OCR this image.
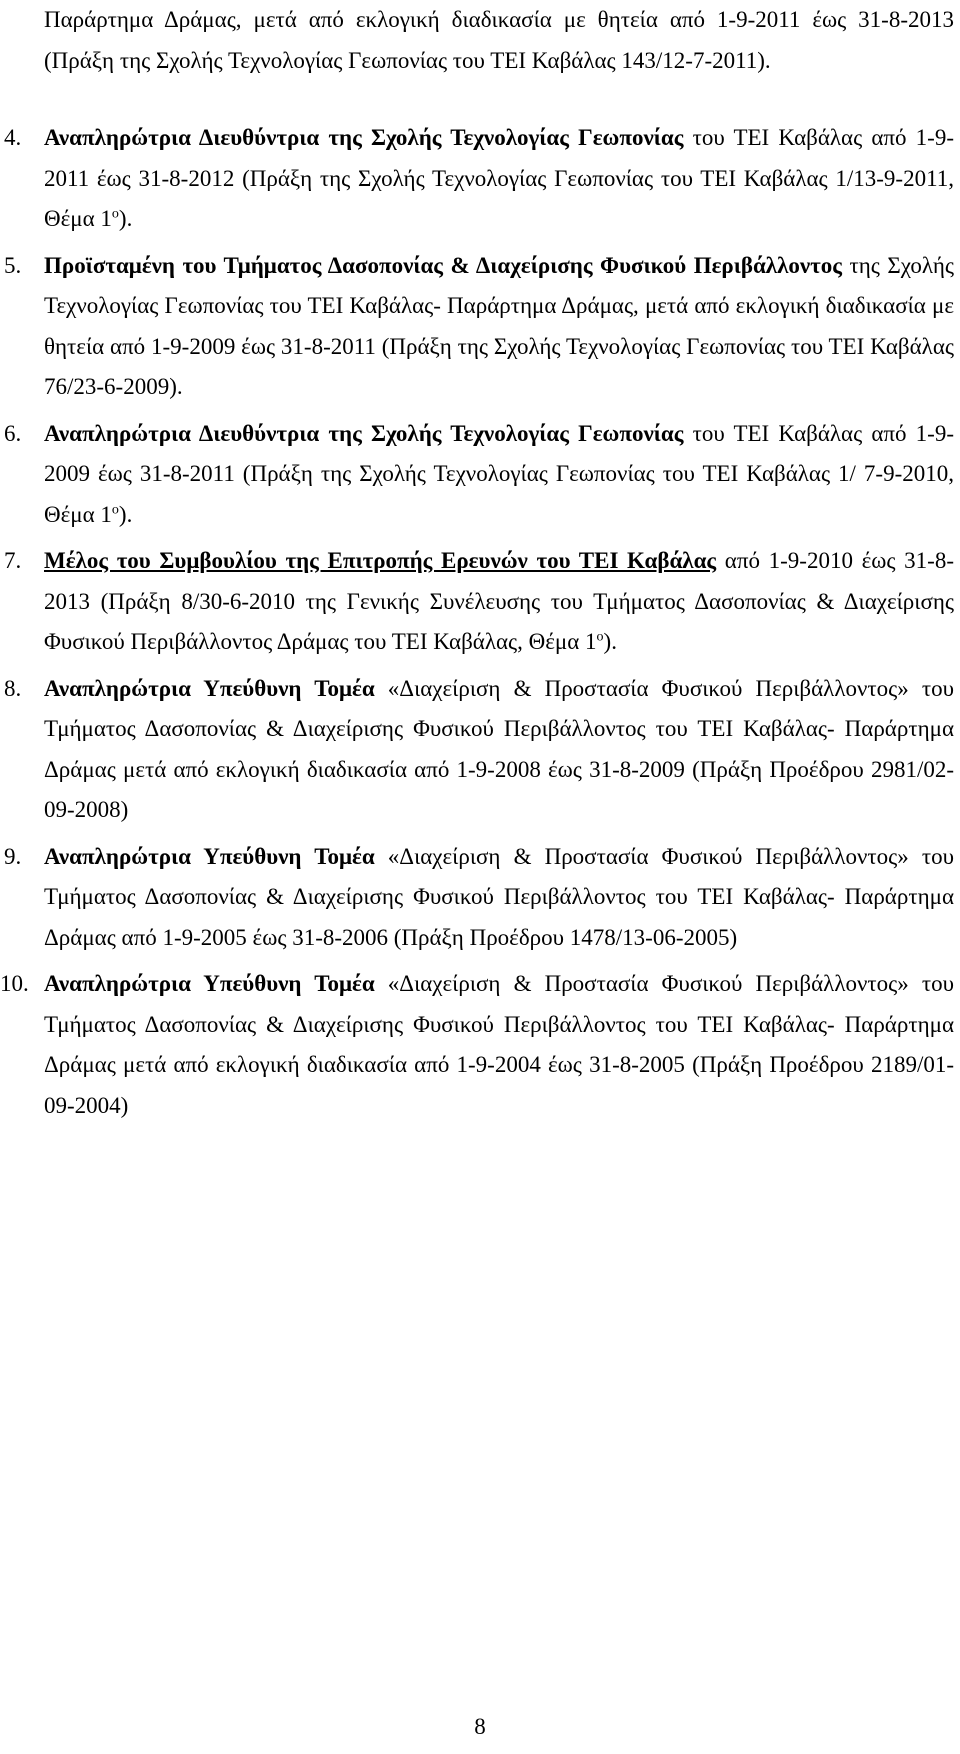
Παράρτημα Δράμας, μετά από εκλογική διαδικασία με θητεία από 1-9-2011 έως 31-8-2013 (Πράξη της Σχολής Τεχνολογίας Γεωπονίας του ΤΕΙ Καβάλας 143/12-7-2011).

4. Αναπληρώτρια Διευθύντρια της Σχολής Τεχνολογίας Γεωπονίας του ΤΕΙ Καβάλας από 1-9-2011 έως 31-8-2012 (Πράξη της Σχολής Τεχνολογίας Γεωπονίας του ΤΕΙ Καβάλας 1/13-9-2011, Θέμα $1^o$).
5. Προϊσταμένη του Τμήματος Δασοπονίας & Διαχείρισης Φυσικού Περιβάλλοντος της Σχολής Τεχνολογίας Γεωπονίας του ΤΕΙ Καβάλας- Παράρτημα Δράμας, μετά από εκλογική διαδικασία με θητεία από 1-9-2009 έως 31-8-2011 (Πράξη της Σχολής Τεχνολογίας Γεωπονίας του ΤΕΙ Καβάλας 76/23-6-2009).
6. Αναπληρώτρια Διευθύντρια της Σχολής Τεχνολογίας Γεωπονίας του ΤΕΙ Καβάλας από 1-9-2009 έως 31-8-2011 (Πράξη της Σχολής Τεχνολογίας Γεωπονίας του ΤΕΙ Καβάλας 1/ 7-9-2010, Θέμα $1^o$).
7. Μέλος του Συμβουλίου της Επιτροπής Ερευνών του ΤΕΙ Καβάλας από 1-9-2010 έως 31-8-2013 (Πράξη 8/30-6-2010 της Γενικής Συνέλευσης του Τμήματος Δασοπονίας & Διαχείρισης Φυσικού Περιβάλλοντος Δράμας του ΤΕΙ Καβάλας, Θέμα $1^o$).
8. Αναπληρώτρια Υπεύθυνη Τομέα «Διαχείριση & Προστασία Φυσικού Περιβάλλοντος» του Τμήματος Δασοπονίας & Διαχείρισης Φυσικού Περιβάλλοντος του ΤΕΙ Καβάλας- Παράρτημα Δράμας μετά από εκλογική διαδικασία από 1-9-2008 έως 31-8-2009 (Πράξη Προέδρου 2981/02-09-2008)
9. Αναπληρώτρια Υπεύθυνη Τομέα «Διαχείριση & Προστασία Φυσικού Περιβάλλοντος» του Τμήματος Δασοπονίας & Διαχείρισης Φυσικού Περιβάλλοντος του ΤΕΙ Καβάλας- Παράρτημα Δράμας από 1-9-2005 έως 31-8-2006 (Πράξη Προέδρου 1478/13-06-2005)
10. Αναπληρώτρια Υπεύθυνη Τομέα «Διαχείριση & Προστασία Φυσικού Περιβάλλοντος» του Τμήματος Δασοπονίας & Διαχείρισης Φυσικού Περιβάλλοντος του ΤΕΙ Καβάλας- Παράρτημα Δράμας μετά από εκλογική διαδικασία από 1-9-2004 έως 31-8-2005 (Πράξη Προέδρου 2189/01-09-2004)
8
